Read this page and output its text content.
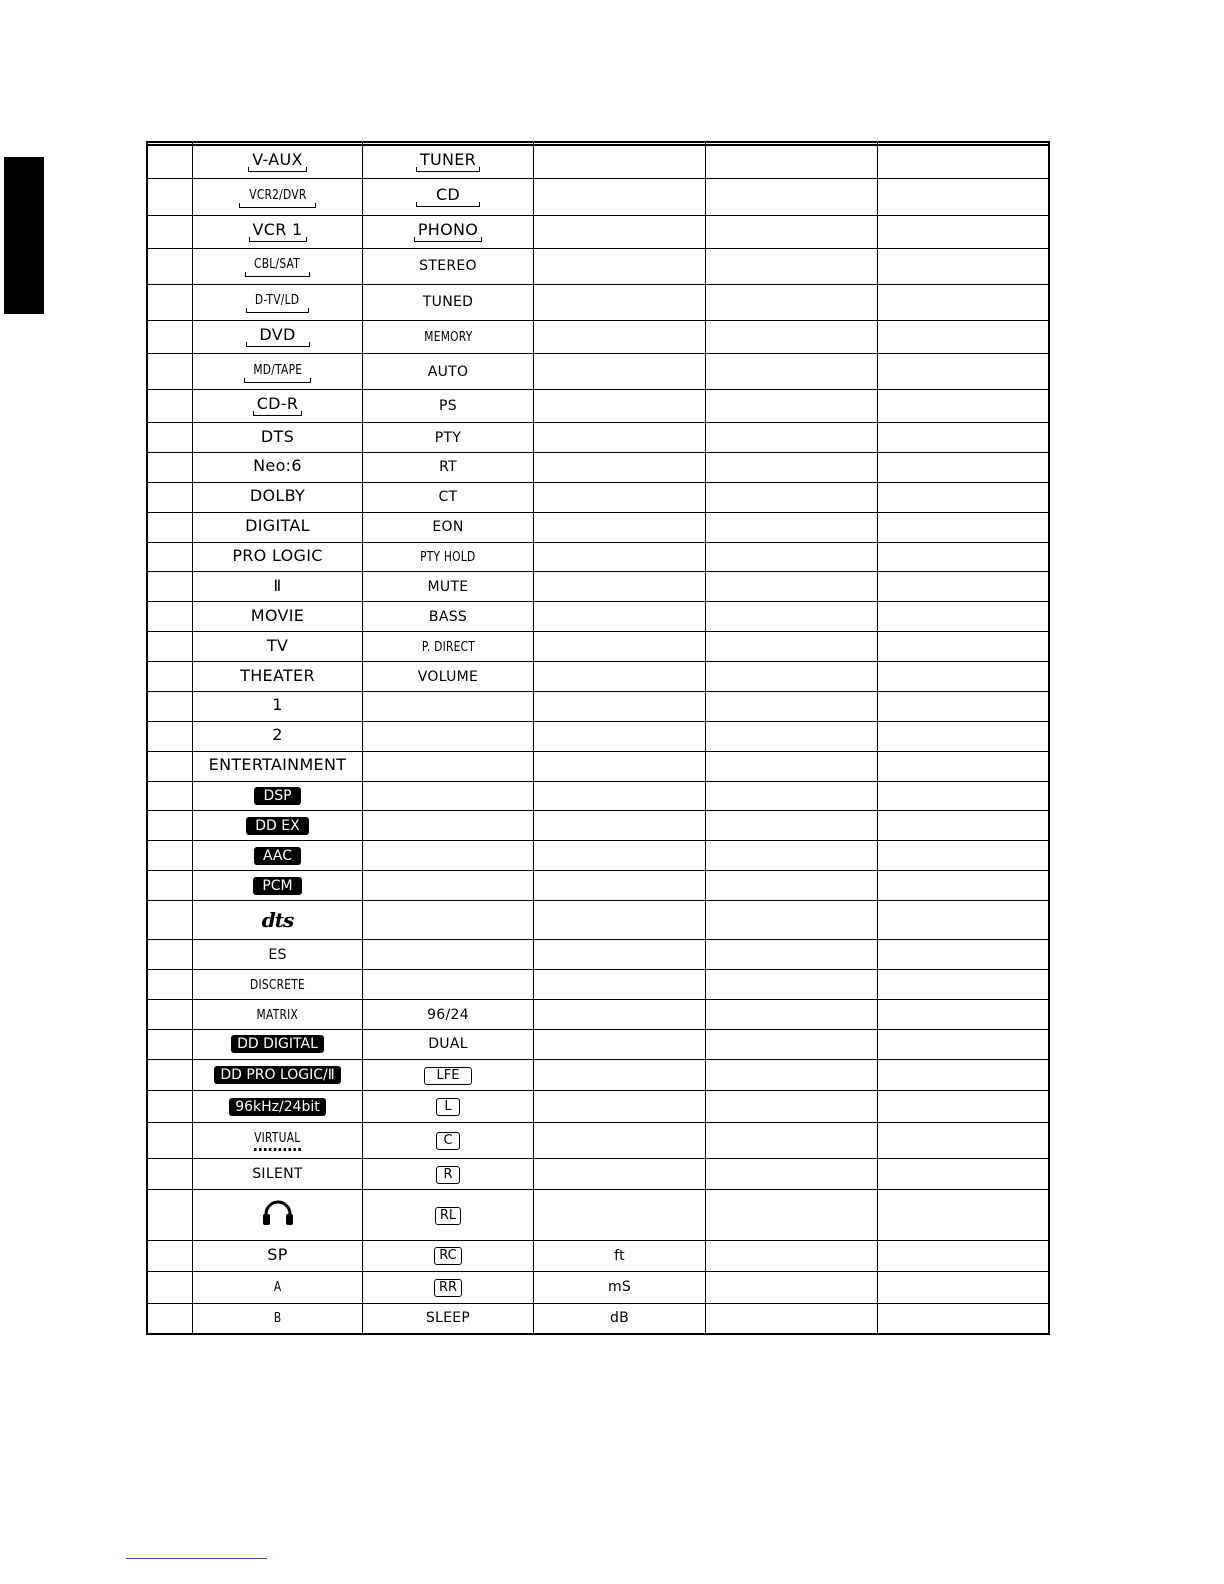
	V-AUX	TUNER			
	VCR2/DVR	CD			
	VCR 1	PHONO			
	CBL/SAT	STEREO			
	D-TV/LD	TUNED			
	DVD	MEMORY			
	MD/TAPE	AUTO			
	CD-R	PS			
	DTS	PTY			
	Neo:6	RT			
	DOLBY	CT			
	DIGITAL	EON			
	PRO LOGIC	PTY HOLD			
	Ⅱ	MUTE			
	MOVIE	BASS			
	TV	P. DIRECT			
	THEATER	VOLUME			
	1				
	2				
	ENTERTAINMENT				
	DSP				
	DD EX				
	AAC				
	PCM				
	dts				
	ES				
	DISCRETE				
	MATRIX	96/24			
	DD DIGITAL	DUAL			
	DD PRO LOGIC/Ⅱ	LFE			
	96kHz/24bit	L			
	VIRTUAL	C			
	SILENT	R			
		RL			
	SP	RC	ft		
	A	RR	mS		
	B	SLEEP	dB		
